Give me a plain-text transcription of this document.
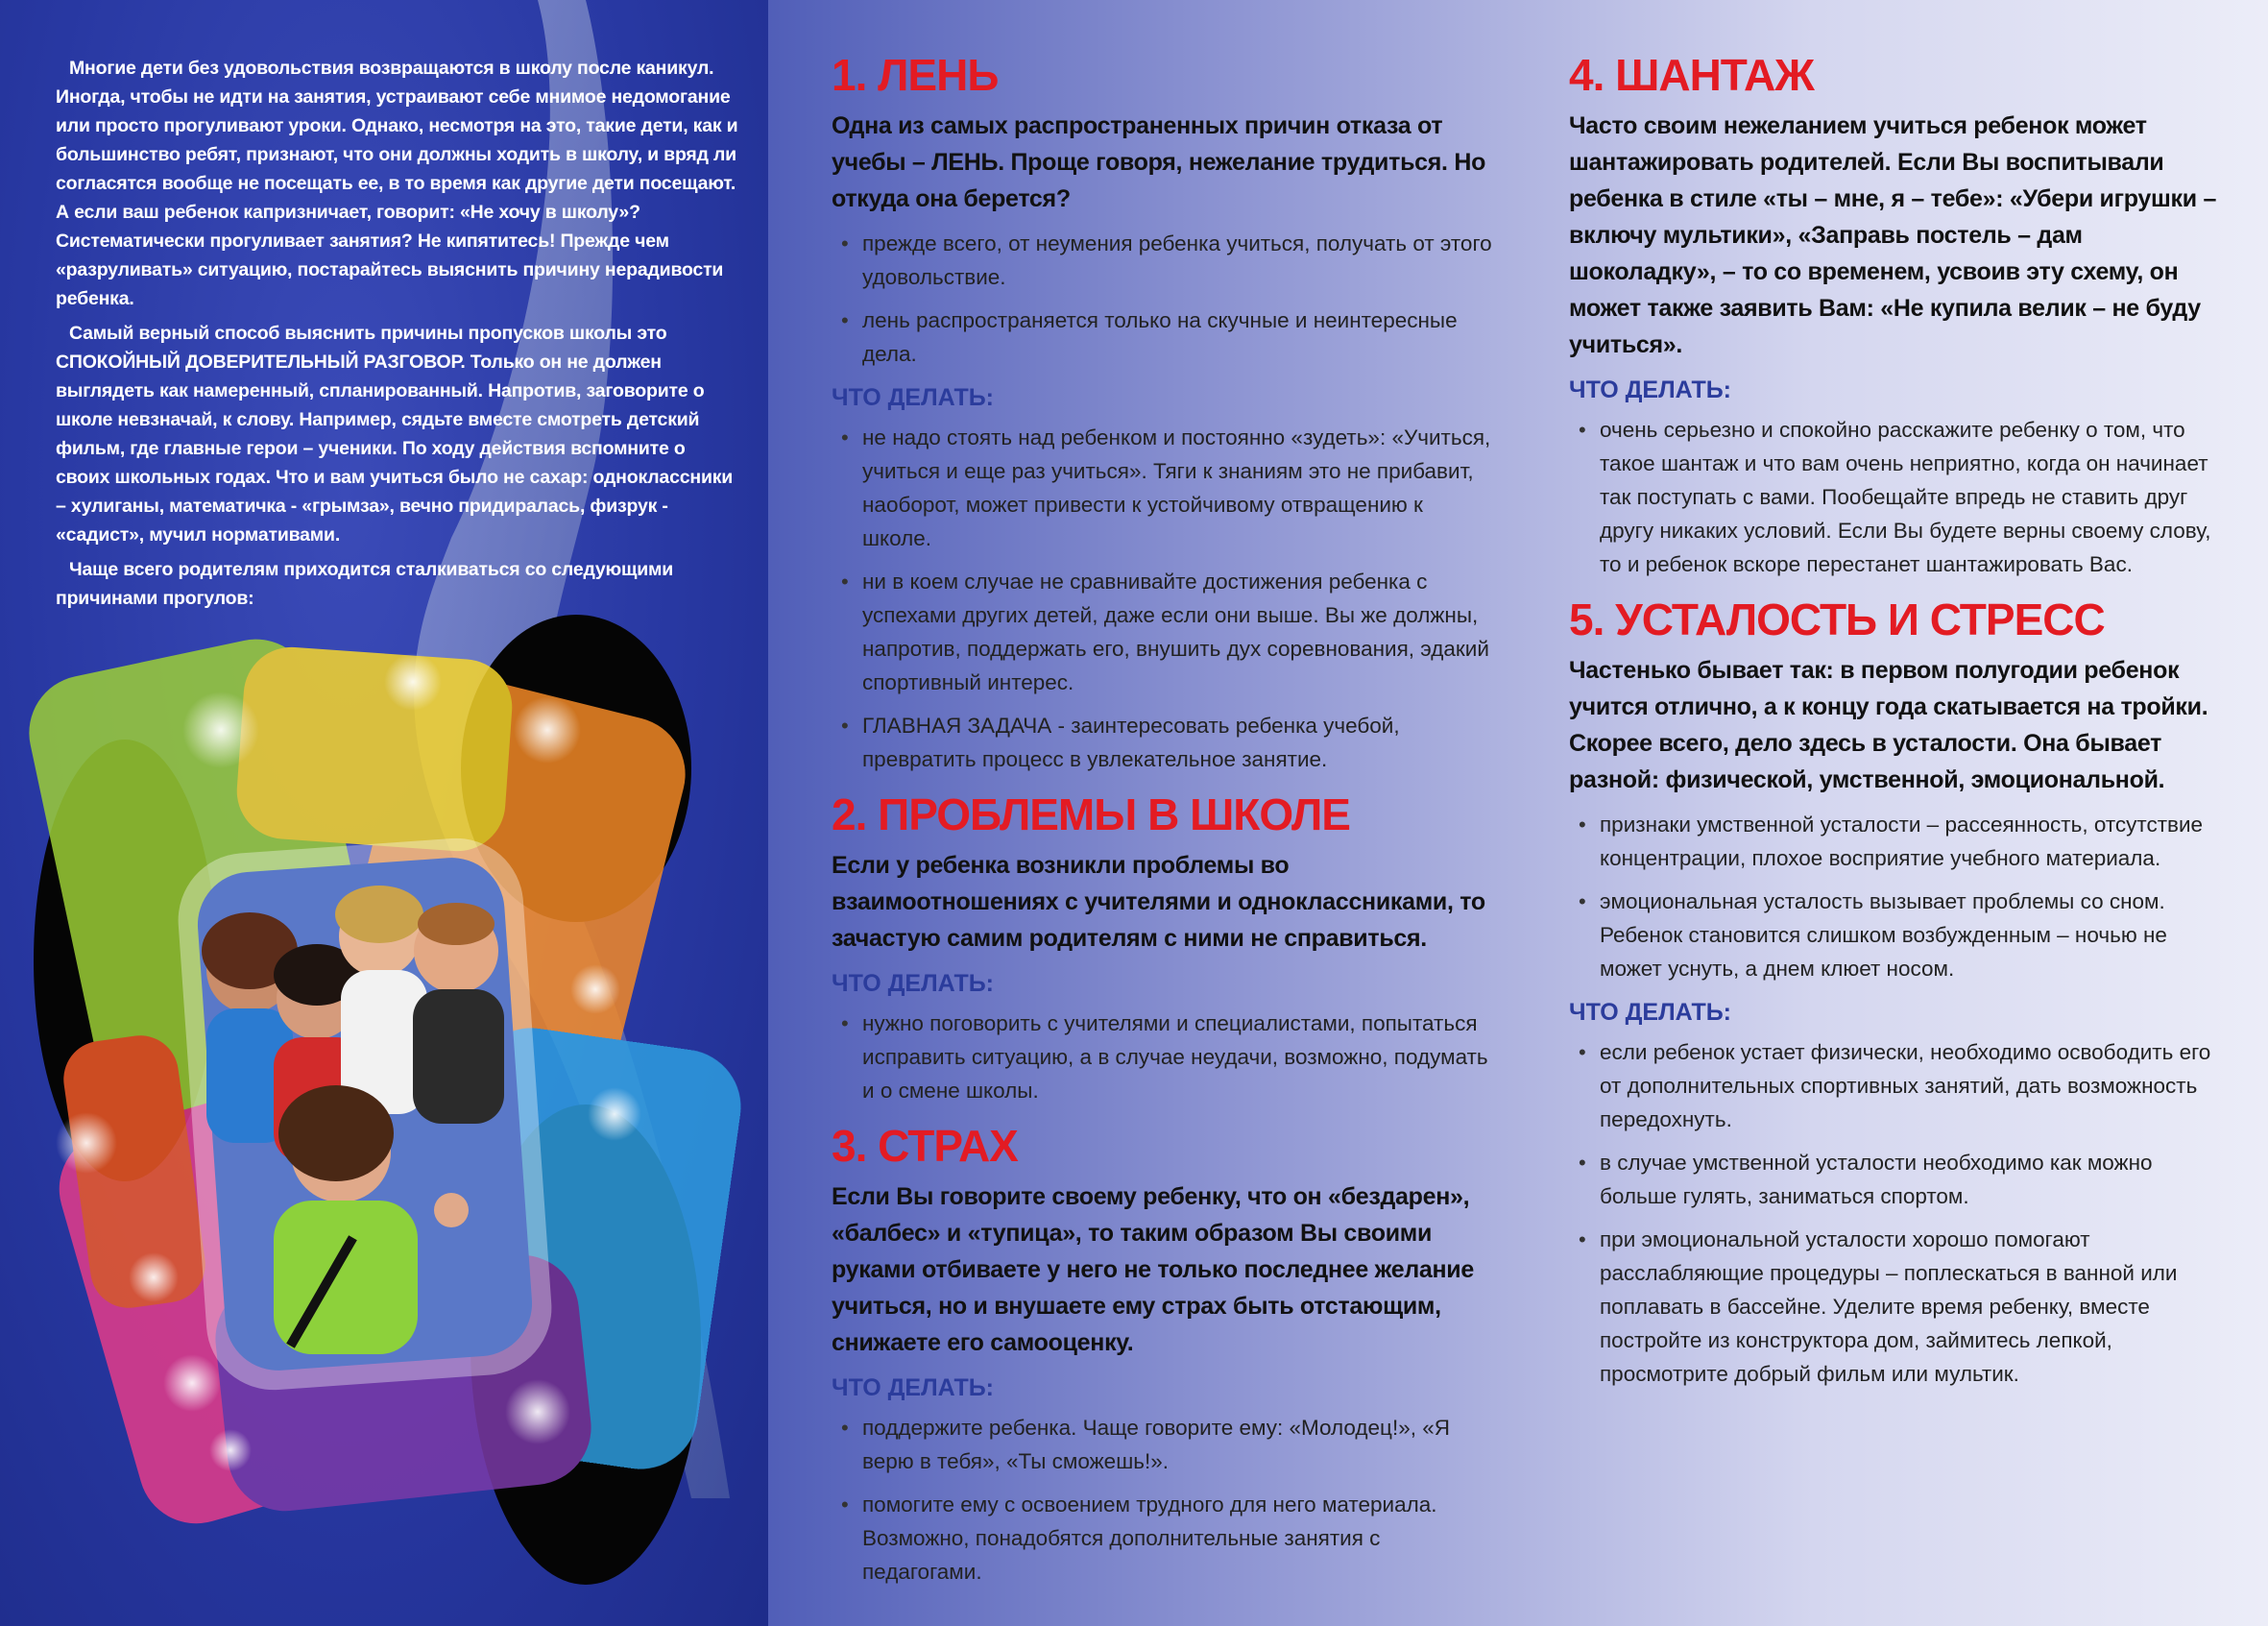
Многие дети без удовольствия возвращаются в школу после каникул. Иногда, чтобы не идти на занятия, устраивают себе мнимое недомогание или просто прогуливают уроки. Однако, несмотря на это, такие дети, как и большинство ребят, признают, что они должны ходить в школу, и вряд ли согласятся вообще не посещать ее, в то время как другие дети посещают. А если ваш ребенок капризничает, говорит: «Не хочу в школу»? Систематически прогуливает занятия? Не кипятитесь! Прежде чем «разруливать» ситуацию, постарайтесь выяснить причину нерадивости ребенка.

Самый верный способ выяснить причины пропусков школы это СПОКОЙНЫЙ ДОВЕРИТЕЛЬНЫЙ РАЗГОВОР. Только он не должен выглядеть как намеренный, спланированный. Напротив, заговорите о школе невзначай, к слову. Например, сядьте вместе смотреть детский фильм, где главные герои – ученики. По ходу действия вспомните о своих школьных годах. Что и вам учиться было не сахар: одноклассники – хулиганы, математичка - «грымза», вечно придиралась, физрук - «садист», мучил нормативами.

Чаще всего родителям приходится сталкиваться со следующими причинами прогулов:

1. ЛЕНЬ
Одна из самых распространенных причин отказа от учебы – ЛЕНЬ. Проще говоря, нежелание трудиться. Но откуда она берется?
• прежде всего, от неумения ребенка учиться, получать от этого удовольствие.
• лень распространяется только на скучные и неинтересные дела.
ЧТО ДЕЛАТЬ:
• не надо стоять над ребенком и постоянно «зудеть»: «Учиться, учиться и еще раз учиться». Тяги к знаниям это не прибавит, наоборот, может привести к устойчивому отвращению к школе.
• ни в коем случае не сравнивайте достижения ребенка с успехами других детей, даже если они выше. Вы же должны, напротив, поддержать его, внушить дух соревнования, эдакий спортивный интерес.
• ГЛАВНАЯ ЗАДАЧА - заинтересовать ребенка учебой, превратить процесс в увлекательное занятие.
2. ПРОБЛЕМЫ В ШКОЛЕ
Если у ребенка возникли проблемы во взаимоотношениях с учителями и одноклассниками, то зачастую самим родителям с ними не справиться.
ЧТО ДЕЛАТЬ:
• нужно поговорить с учителями и специалистами, попытаться исправить ситуацию, а в случае неудачи, возможно, подумать и о смене школы.
3. СТРАХ
Если Вы говорите своему ребенку, что он «бездарен», «балбес» и «тупица», то таким образом Вы своими руками отбиваете у него не только последнее желание учиться, но и внушаете ему страх быть отстающим, снижаете его самооценку.
ЧТО ДЕЛАТЬ:
• поддержите ребенка. Чаще говорите ему: «Молодец!», «Я верю в тебя», «Ты сможешь!».
• помогите ему с освоением трудного для него материала. Возможно, понадобятся дополнительные занятия с педагогами.
4. ШАНТАЖ
Часто своим нежеланием учиться ребенок может шантажировать родителей. Если Вы воспитывали ребенка в стиле «ты – мне, я – тебе»: «Убери игрушки – включу мультики», «Заправь постель – дам шоколадку», – то со временем, усвоив эту схему, он может также заявить Вам: «Не купила велик – не буду учиться».
ЧТО ДЕЛАТЬ:
• очень серьезно и спокойно расскажите ребенку о том, что такое шантаж и что вам очень неприятно, когда он начинает так поступать с вами. Пообещайте впредь не ставить друг другу никаких условий. Если Вы будете верны своему слову, то и ребенок вскоре перестанет шантажировать Вас.
5. УСТАЛОСТЬ И СТРЕСС
Частенько бывает так: в первом полугодии ребенок учится отлично, а к концу года скатывается на тройки. Скорее всего, дело здесь в усталости. Она бывает разной: физической, умственной, эмоциональной.
• признаки умственной усталости – рассеянность, отсутствие концентрации, плохое восприятие учебного материала.
• эмоциональная усталость вызывает проблемы со сном. Ребенок становится слишком возбужденным – ночью не может уснуть, а днем клюет носом.
ЧТО ДЕЛАТЬ:
• если ребенок устает физически, необходимо освободить его от дополнительных спортивных занятий, дать возможность передохнуть.
• в случае умственной усталости необходимо как можно больше гулять, заниматься спортом.
• при эмоциональной усталости хорошо помогают расслабляющие процедуры – поплескаться в ванной или поплавать в бассейне. Уделите время ребенку, вместе постройте из конструктора дом, займитесь лепкой, просмотрите добрый фильм или мультик.
